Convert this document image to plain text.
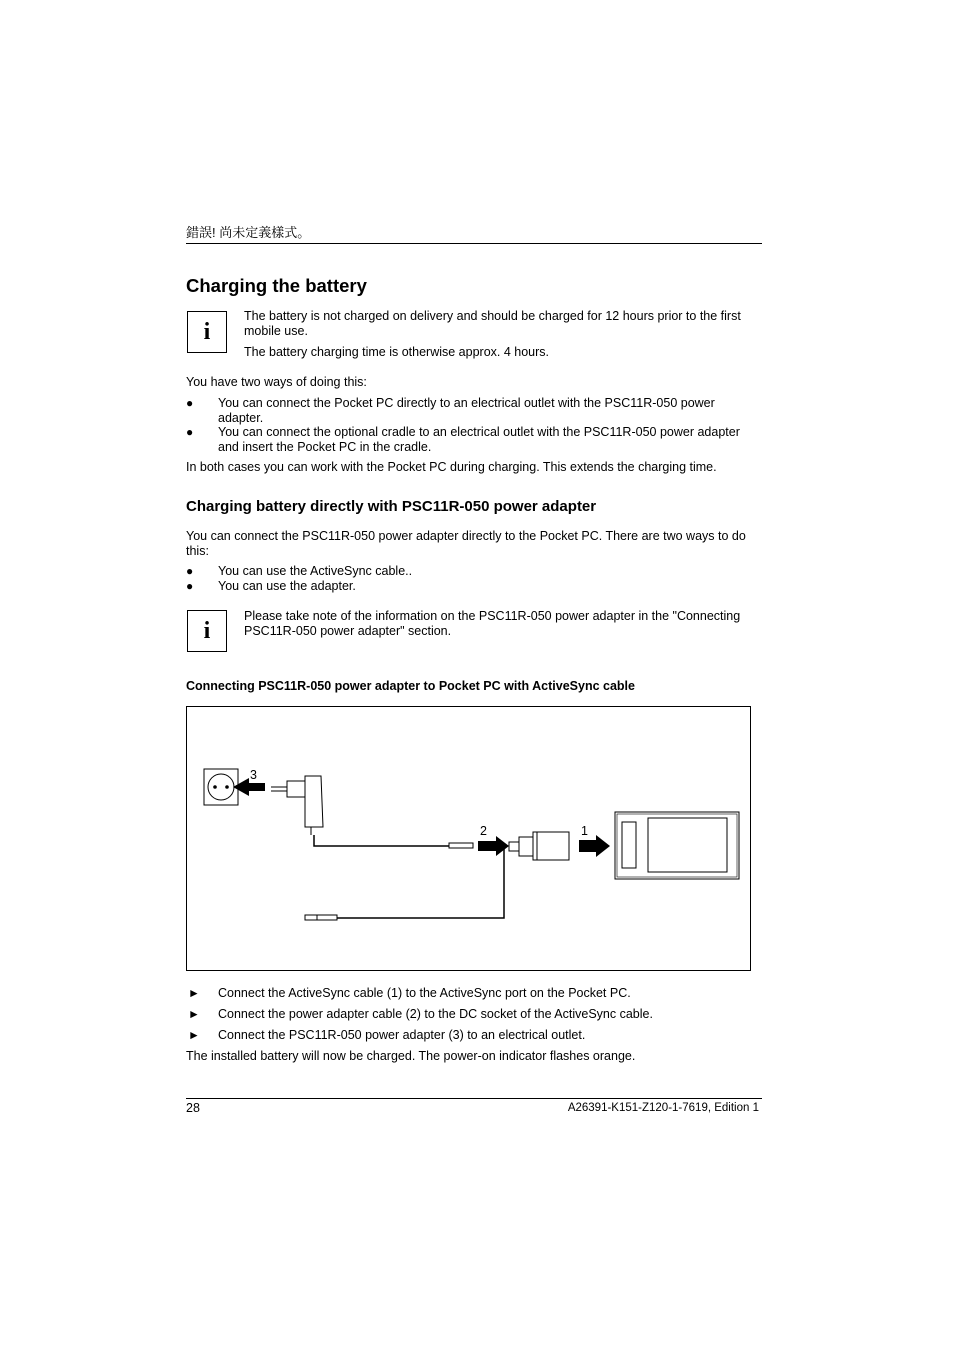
錯誤! 尚未定義樣式。
Charging the battery
i
The battery is not charged on delivery and should be charged for 12 hours prior to the first mobile use.
The battery charging time is otherwise approx. 4 hours.
You have two ways of doing this:
● You can connect the Pocket PC directly to an electrical outlet with the PSC11R-050 power adapter.
● You can connect the optional cradle to an electrical outlet with the PSC11R-050 power adapter and insert the Pocket PC in the cradle.
In both cases you can work with the Pocket PC during charging. This extends the charging time.
Charging battery directly with PSC11R-050 power adapter
You can connect the PSC11R-050 power adapter directly to the Pocket PC. There are two ways to do this:
● You can use the ActiveSync cable..
● You can use the adapter.
i
Please take note of the information on the PSC11R-050 power adapter in the "Connecting PSC11R-050 power adapter" section.
Connecting PSC11R-050 power adapter to Pocket PC with ActiveSync cable
3
2	1
► Connect the ActiveSync cable (1) to the ActiveSync port on the Pocket PC.
► Connect the power adapter cable (2) to the DC socket of the ActiveSync cable.
► Connect the PSC11R-050 power adapter (3) to an electrical outlet.
The installed battery will now be charged. The power-on indicator flashes orange.
28	A26391-K151-Z120-1-7619, Edition 1
